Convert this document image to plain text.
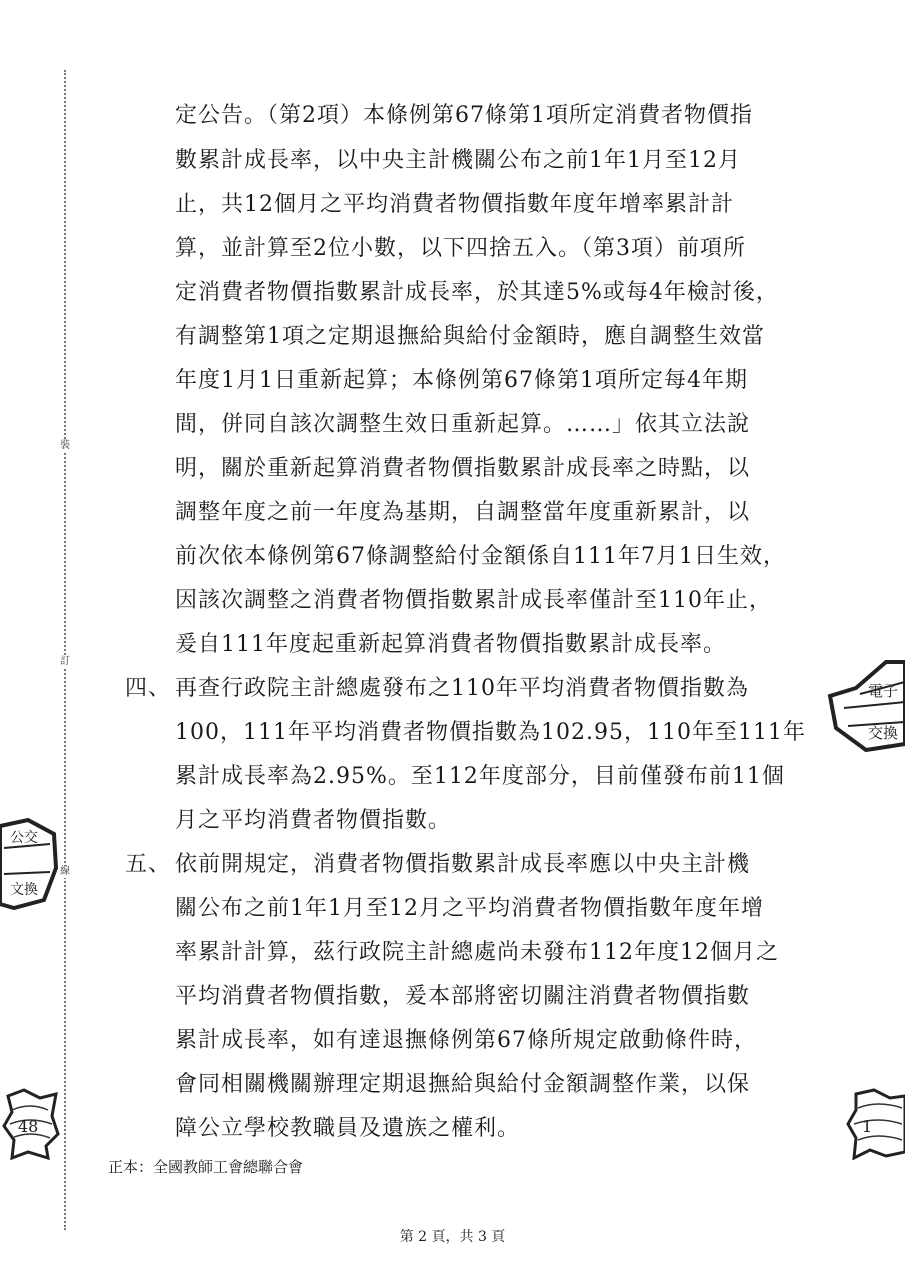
裝
訂
線
定公告。（第2項）本條例第67條第1項所定消費者物價指
數累計成長率，以中央主計機關公布之前1年1月至12月
止，共12個月之平均消費者物價指數年度年增率累計計
算，並計算至2位小數，以下四捨五入。（第3項）前項所
定消費者物價指數累計成長率，於其達5%或每4年檢討後，
有調整第1項之定期退撫給與給付金額時，應自調整生效當
年度1月1日重新起算；本條例第67條第1項所定每4年期
間，併同自該次調整生效日重新起算。……」依其立法說
明，關於重新起算消費者物價指數累計成長率之時點，以
調整年度之前一年度為基期，自調整當年度重新累計，以
前次依本條例第67條調整給付金額係自111年7月1日生效，
因該次調整之消費者物價指數累計成長率僅計至110年止，
爰自111年度起重新起算消費者物價指數累計成長率。
四、 再查行政院主計總處發布之110年平均消費者物價指數為
100，111年平均消費者物價指數為102.95，110年至111年
累計成長率為2.95%。至112年度部分，目前僅發布前11個
月之平均消費者物價指數。
五、 依前開規定，消費者物價指數累計成長率應以中央主計機
關公布之前1年1月至12月之平均消費者物價指數年度年增
率累計計算，茲行政院主計總處尚未發布112年度12個月之
平均消費者物價指數，爰本部將密切關注消費者物價指數
累計成長率，如有達退撫條例第67條所規定啟動條件時，
會同相關機關辦理定期退撫給與給付金額調整作業，以保
障公立學校教職員及遺族之權利。
正本：全國教師工會總聯合會
第 2 頁，共 3 頁
電子
交換
公交
文換
48	1
